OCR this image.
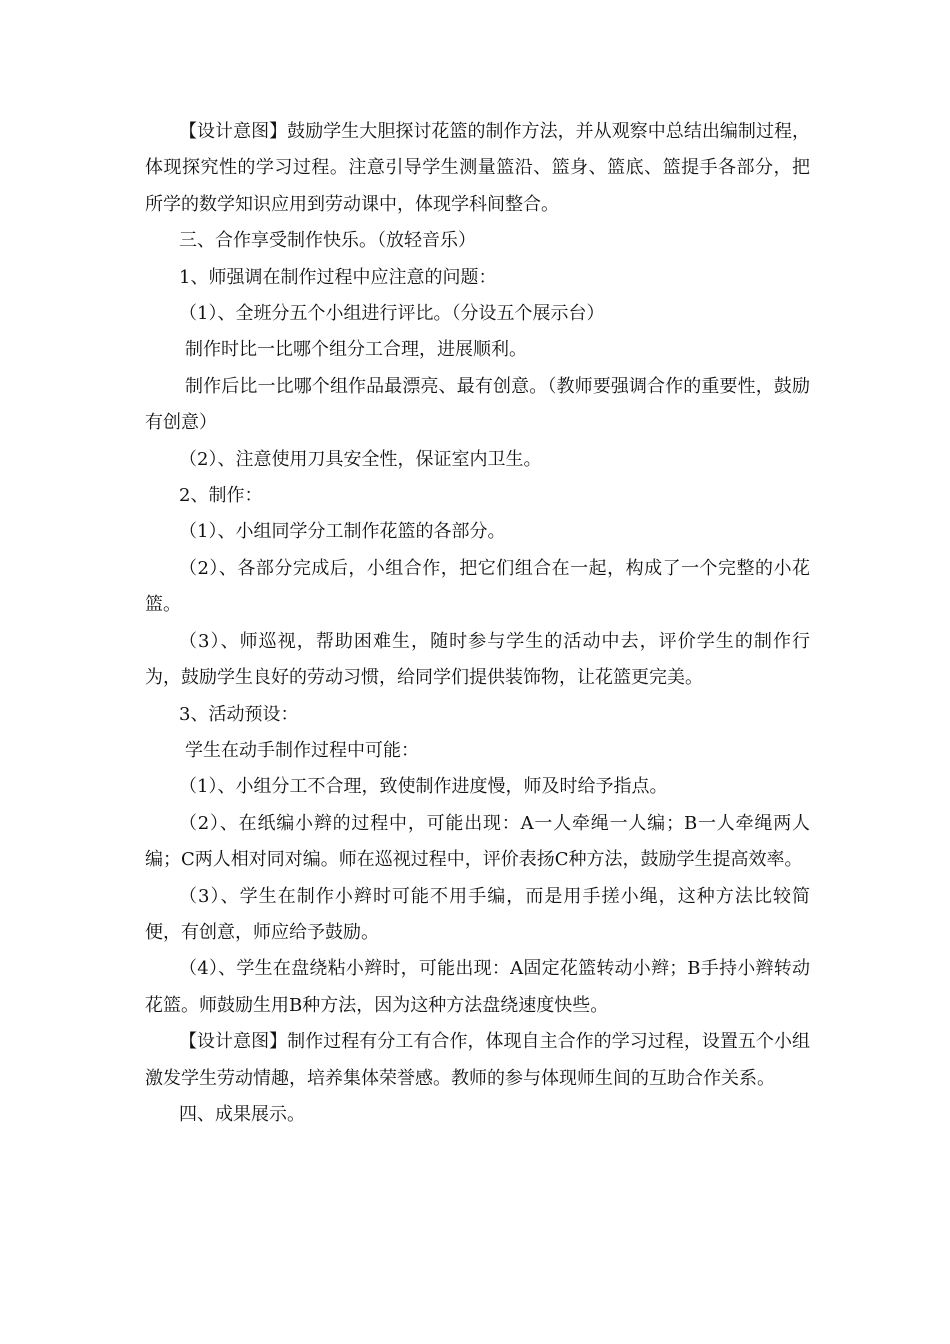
【设计意图】鼓励学生大胆探讨花篮的制作方法，并从观察中总结出编制过程，体现探究性的学习过程。注意引导学生测量篮沿、篮身、篮底、篮提手各部分，把所学的数学知识应用到劳动课中，体现学科间整合。

三、合作享受制作快乐。（放轻音乐）

1、师强调在制作过程中应注意的问题：

（1）、全班分五个小组进行评比。（分设五个展示台）

制作时比一比哪个组分工合理，进展顺利。

制作后比一比哪个组作品最漂亮、最有创意。（教师要强调合作的重要性，鼓励有创意）

（2）、注意使用刀具安全性，保证室内卫生。

2、制作：

（1）、小组同学分工制作花篮的各部分。

（2）、各部分完成后，小组合作，把它们组合在一起，构成了一个完整的小花篮。

（3）、师巡视，帮助困难生，随时参与学生的活动中去，评价学生的制作行为，鼓励学生良好的劳动习惯，给同学们提供装饰物，让花篮更完美。

3、活动预设：

学生在动手制作过程中可能：

（1）、小组分工不合理，致使制作进度慢，师及时给予指点。

（2）、在纸编小辫的过程中，可能出现：A一人牵绳一人编；B一人牵绳两人编；C两人相对同对编。师在巡视过程中，评价表扬C种方法，鼓励学生提高效率。

（3）、学生在制作小辫时可能不用手编，而是用手搓小绳，这种方法比较简便，有创意，师应给予鼓励。

（4）、学生在盘绕粘小辫时，可能出现：A固定花篮转动小辫；B手持小辫转动花篮。师鼓励生用B种方法，因为这种方法盘绕速度快些。

【设计意图】制作过程有分工有合作，体现自主合作的学习过程，设置五个小组激发学生劳动情趣，培养集体荣誉感。教师的参与体现师生间的互助合作关系。

四、成果展示。
